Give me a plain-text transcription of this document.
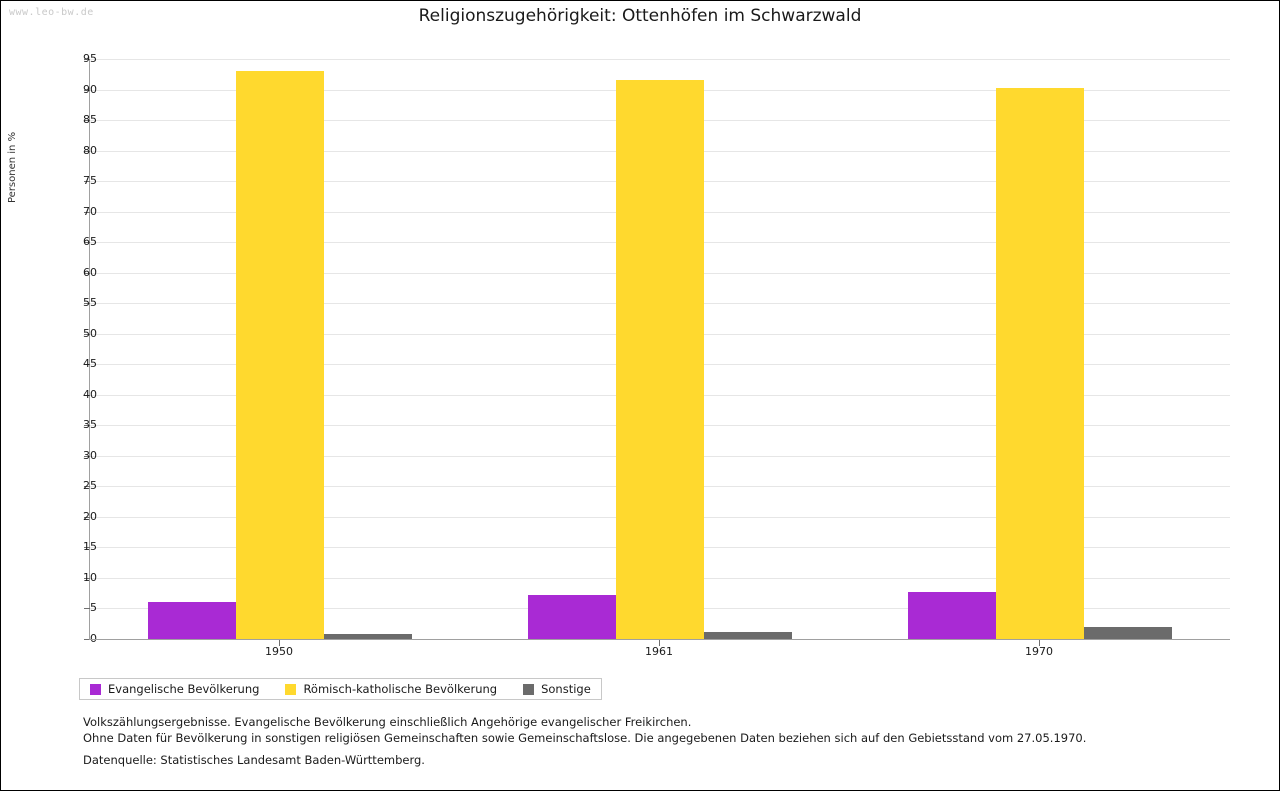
www.leo-bw.de	Religionszugehörigkeit: Ottenhöfen im Schwarzwald
Personen in %
5
10
15
20
25
30
35
40
45
50
55
60
65
70
75
80
85
90
95
Evangelische Bevölkerung	Römisch-katholische Bevölkerung	Sonstige
Volkszählungsergebnisse. Evangelische Bevölkerung einschließlich Angehörige evangelischer Freikirchen.
Ohne Daten für Bevölkerung in sonstigen religiösen Gemeinschaften sowie Gemeinschaftslose. Die angegebenen Daten beziehen sich auf den Gebietsstand vom 27.05.1970.
Datenquelle: Statistisches Landesamt Baden-Württemberg.
1950	1961	1970
